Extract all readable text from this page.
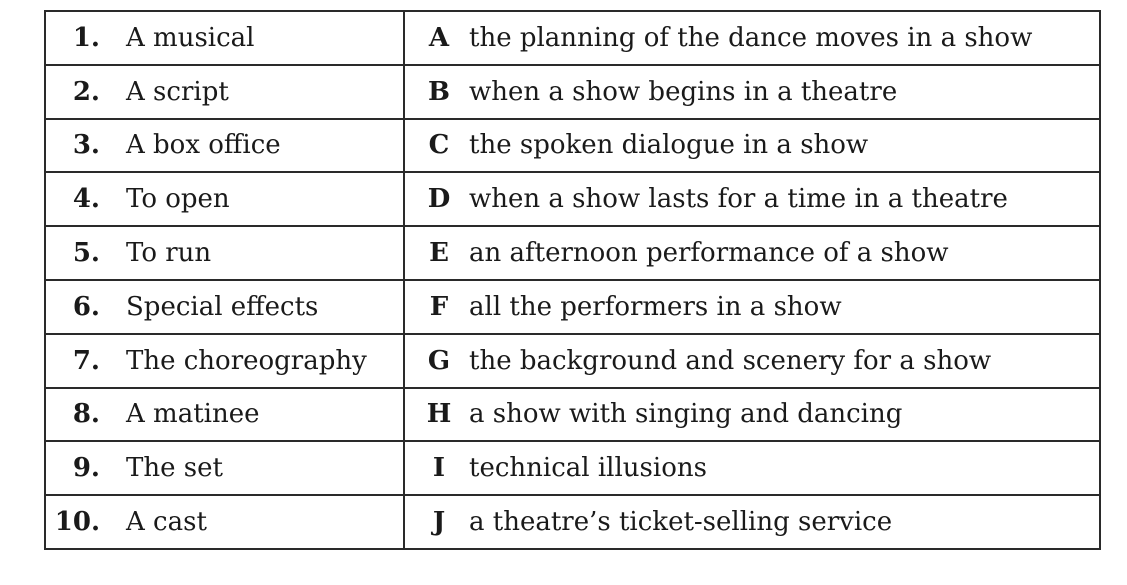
1. A musical	A the planning of the dance moves in a show

2. A script	B when a show begins in a theatre

3. A box office	C the spoken dialogue in a show

4. To open	D when a show lasts for a time in a theatre

5. To run	E an afternoon performance of a show

6. Special effects	F all the performers in a show

7. The choreography	G the background and scenery for a show

8. A matinee	H a show with singing and dancing

9. The set	I technical illusions

10. A cast	J a theatre’s ticket-selling service
